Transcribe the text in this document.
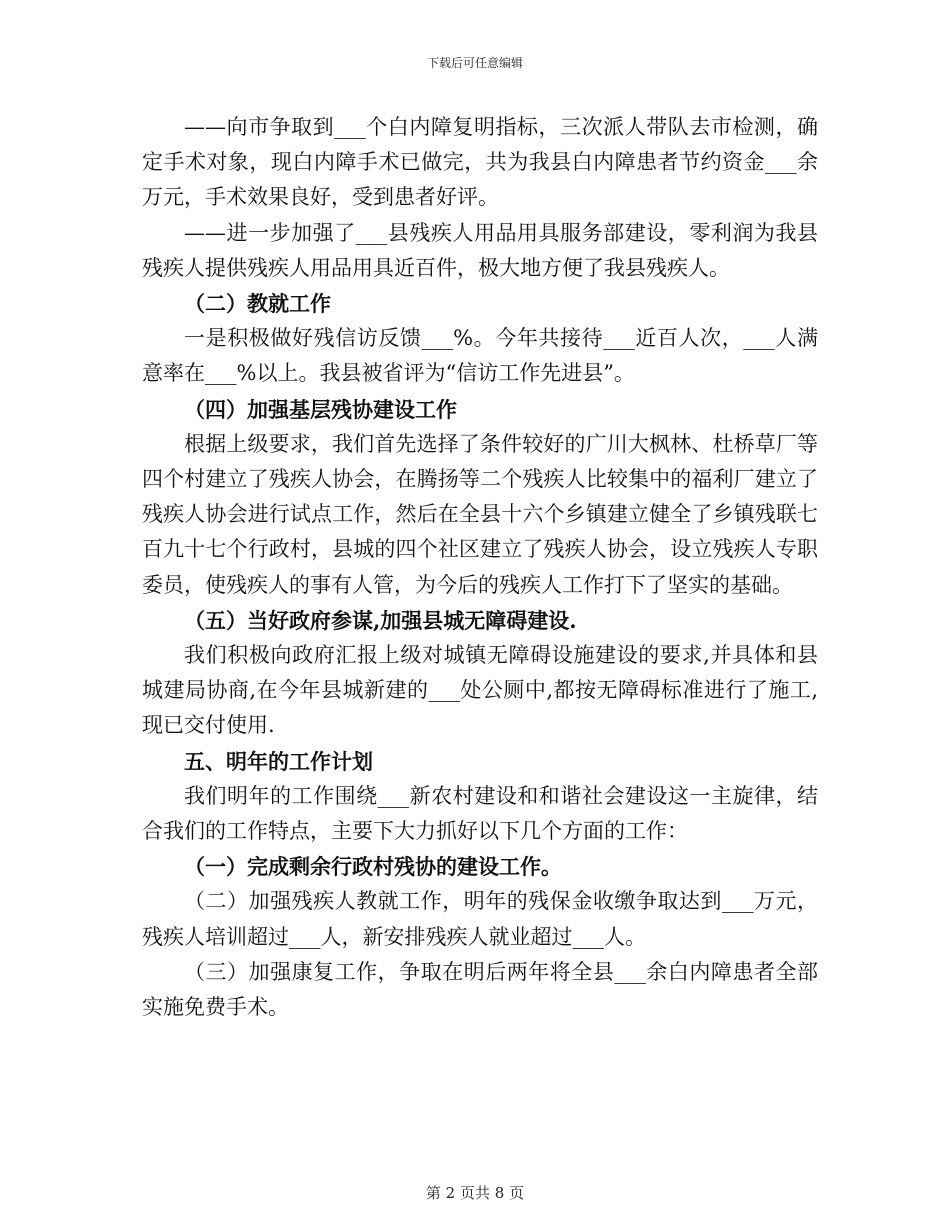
下载后可任意编辑

——向市争取到___个白内障复明指标，三次派人带队去市检测，确定手术对象，现白内障手术已做完，共为我县白内障患者节约资金___余万元，手术效果良好，受到患者好评。

——进一步加强了___县残疾人用品用具服务部建设，零利润为我县残疾人提供残疾人用品用具近百件，极大地方便了我县残疾人。

（二）教就工作

一是积极做好残信访反馈___%。今年共接待___近百人次，___人满意率在___%以上。我县被省评为“信访工作先进县”。

（四）加强基层残协建设工作

根据上级要求，我们首先选择了条件较好的广川大枫林、杜桥草厂等四个村建立了残疾人协会，在腾扬等二个残疾人比较集中的福利厂建立了残疾人协会进行试点工作，然后在全县十六个乡镇建立健全了乡镇残联七百九十七个行政村，县城的四个社区建立了残疾人协会，设立残疾人专职委员，使残疾人的事有人管，为今后的残疾人工作打下了坚实的基础。

（五）当好政府参谋,加强县城无障碍建设.

我们积极向政府汇报上级对城镇无障碍设施建设的要求,并具体和县城建局协商,在今年县城新建的___处公厕中,都按无障碍标准进行了施工,现已交付使用.

五、明年的工作计划

我们明年的工作围绕___新农村建设和和谐社会建设这一主旋律，结合我们的工作特点，主要下大力抓好以下几个方面的工作：

（一）完成剩余行政村残协的建设工作。

（二）加强残疾人教就工作，明年的残保金收缴争取达到___万元，残疾人培训超过___人，新安排残疾人就业超过___人。

（三）加强康复工作，争取在明后两年将全县___余白内障患者全部实施免费手术。

第 2 页共 8 页
